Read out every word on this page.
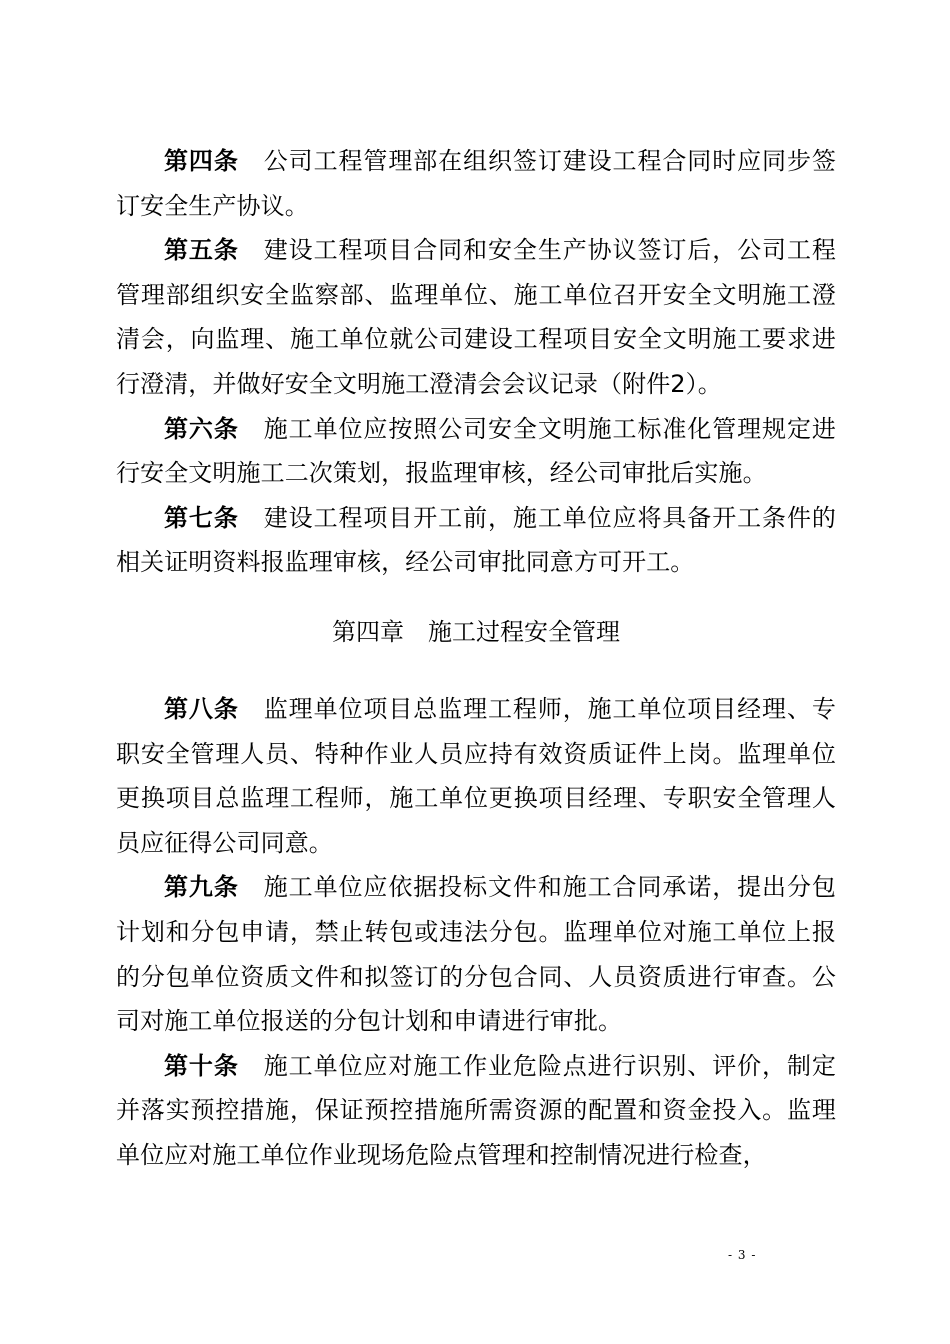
第四条 公司工程管理部在组织签订建设工程合同时应同步签订安全生产协议。

第五条 建设工程项目合同和安全生产协议签订后，公司工程管理部组织安全监察部、监理单位、施工单位召开安全文明施工澄清会，向监理、施工单位就公司建设工程项目安全文明施工要求进行澄清，并做好安全文明施工澄清会会议记录（附件2）。

第六条 施工单位应按照公司安全文明施工标准化管理规定进行安全文明施工二次策划，报监理审核，经公司审批后实施。

第七条 建设工程项目开工前，施工单位应将具备开工条件的相关证明资料报监理审核，经公司审批同意方可开工。

第四章　施工过程安全管理

第八条 监理单位项目总监理工程师，施工单位项目经理、专职安全管理人员、特种作业人员应持有效资质证件上岗。监理单位更换项目总监理工程师，施工单位更换项目经理、专职安全管理人员应征得公司同意。

第九条 施工单位应依据投标文件和施工合同承诺，提出分包计划和分包申请，禁止转包或违法分包。监理单位对施工单位上报的分包单位资质文件和拟签订的分包合同、人员资质进行审查。公司对施工单位报送的分包计划和申请进行审批。

第十条 施工单位应对施工作业危险点进行识别、评价，制定并落实预控措施，保证预控措施所需资源的配置和资金投入。监理单位应对施工单位作业现场危险点管理和控制情况进行检查，

- 3 -
